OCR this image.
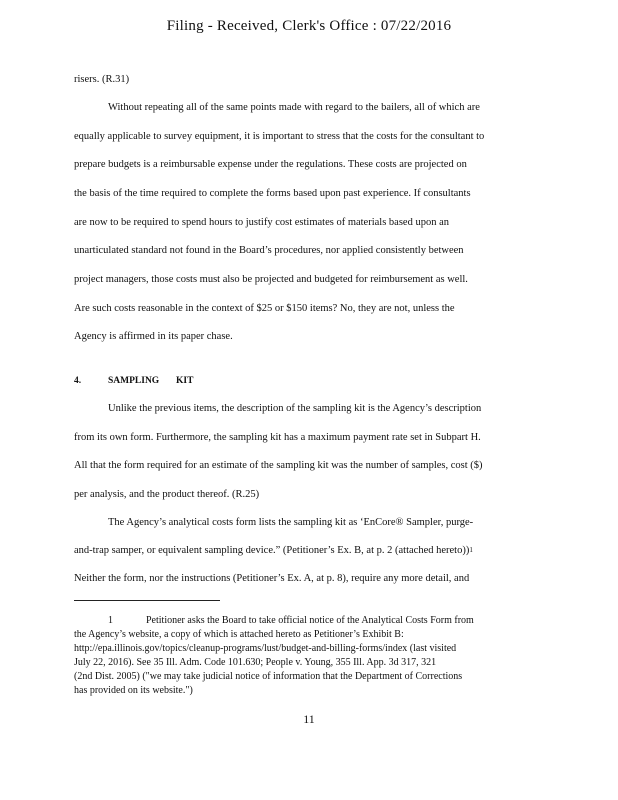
Filing - Received, Clerk's Office : 07/22/2016
risers. (R.31)
Without repeating all of the same points made with regard to the bailers, all of which are
equally applicable to survey equipment, it is important to stress that the costs for the consultant to
prepare budgets is a reimbursable expense under the regulations. These costs are projected on
the basis of the time required to complete the forms based upon past experience. If consultants
are now to be required to spend hours to justify cost estimates of materials based upon an
unarticulated standard not found in the Board’s procedures, nor applied consistently between
project managers, those costs must also be projected and budgeted for reimbursement as well.
Are such costs reasonable in the context of $25 or $150 items? No, they are not, unless the
Agency is affirmed in its paper chase.
4.	SAMPLING KIT
Unlike the previous items, the description of the sampling kit is the Agency’s description
from its own form. Furthermore, the sampling kit has a maximum payment rate set in Subpart H.
All that the form required for an estimate of the sampling kit was the number of samples, cost ($)
per analysis, and the product thereof. (R.25)
The Agency’s analytical costs form lists the sampling kit as ‘EnCore® Sampler, purge-
and-trap samper, or equivalent sampling device.” (Petitioner’s Ex. B, at p. 2 (attached hereto))$^1$
Neither the form, nor the instructions (Petitioner’s Ex. A, at p. 8), require any more detail, and
1	Petitioner asks the Board to take official notice of the Analytical Costs Form from
the Agency’s website, a copy of which is attached hereto as Petitioner’s Exhibit B:
http://epa.illinois.gov/topics/cleanup-programs/lust/budget-and-billing-forms/index (last visited
July 22, 2016). See 35 Ill. Adm. Code 101.630; People v. Young, 355 Ill. App. 3d 317, 321
(2nd Dist. 2005) ("we may take judicial notice of information that the Department of Corrections
has provided on its website.")
11
